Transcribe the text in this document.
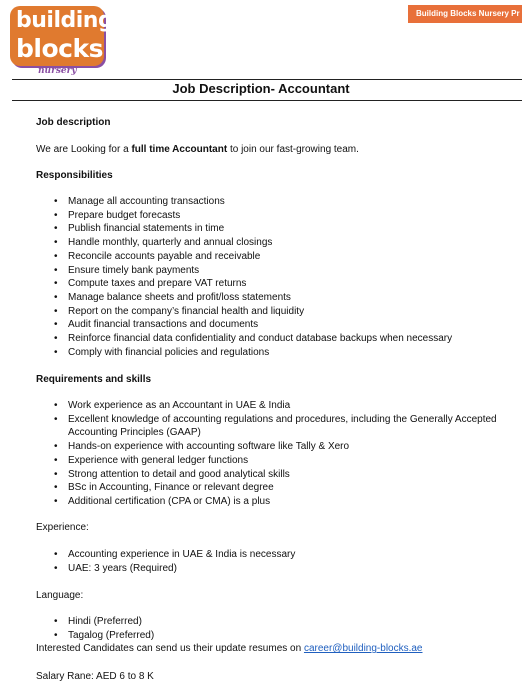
building
blocks
nursery
Building Blocks Nursery Pr
Job Description- Accountant
Job description
We are Looking for a full time Accountant to join our fast-growing team.
Responsibilities
• Manage all accounting transactions
• Prepare budget forecasts
• Publish financial statements in time
• Handle monthly, quarterly and annual closings
• Reconcile accounts payable and receivable
• Ensure timely bank payments
• Compute taxes and prepare VAT returns
• Manage balance sheets and profit/loss statements
• Report on the company’s financial health and liquidity
• Audit financial transactions and documents
• Reinforce financial data confidentiality and conduct database backups when necessary
• Comply with financial policies and regulations
Requirements and skills
• Work experience as an Accountant in UAE & India
• Excellent knowledge of accounting regulations and procedures, including the Generally Accepted Accounting Principles (GAAP)
• Hands-on experience with accounting software like Tally & Xero
• Experience with general ledger functions
• Strong attention to detail and good analytical skills
• BSc in Accounting, Finance or relevant degree
• Additional certification (CPA or CMA) is a plus
Experience:
• Accounting experience in UAE & India is necessary
• UAE: 3 years (Required)
Language:
• Hindi (Preferred)
• Tagalog (Preferred)
Interested Candidates can send us their update resumes on career@building-blocks.ae
Salary Rane: AED 6 to 8 K
